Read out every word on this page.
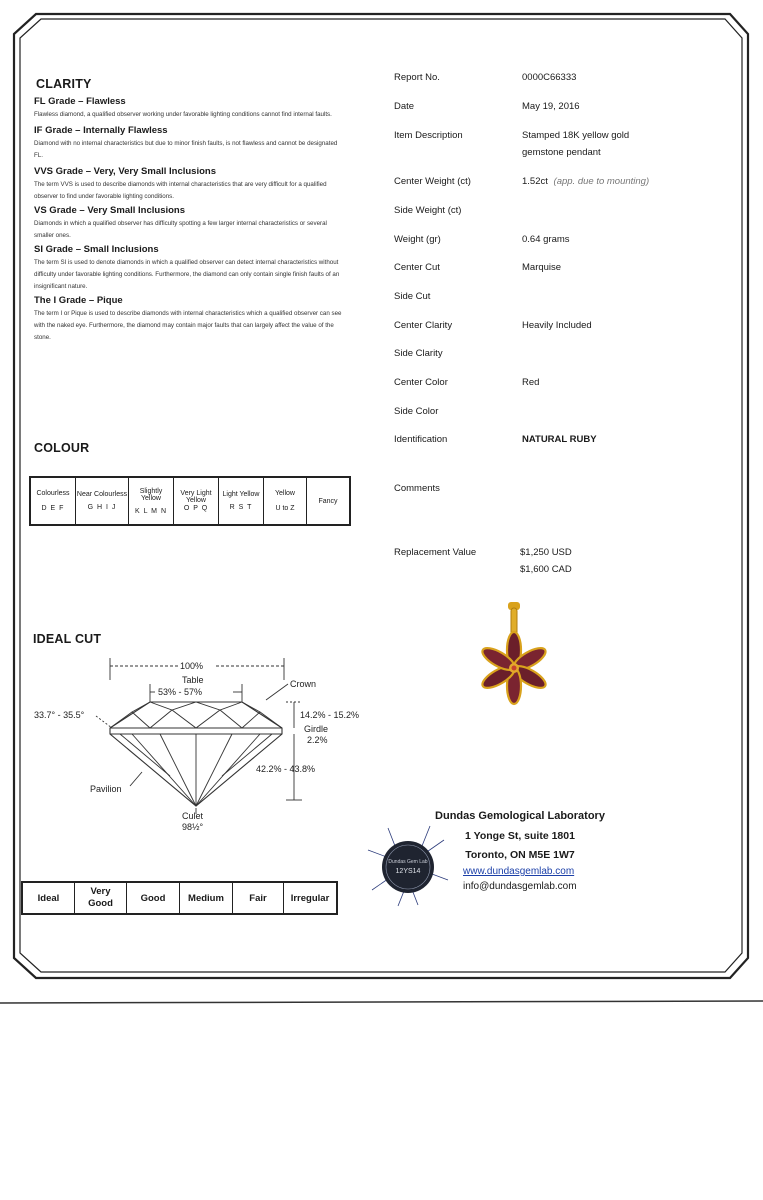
CLARITY
FL Grade – Flawless
Flawless diamond, a qualified observer working under favorable lighting conditions cannot find internal faults.
IF Grade – Internally Flawless
Diamond with no internal characteristics but due to minor finish faults, is not flawless and cannot be designated FL.
VVS Grade – Very, Very Small Inclusions
The term VVS is used to describe diamonds with internal characteristics that are very difficult for a qualified observer to find under favorable lighting conditions.
VS Grade – Very Small Inclusions
Diamonds in which a qualified observer has difficulty spotting a few larger internal characteristics or several smaller ones.
SI Grade – Small Inclusions
The term SI is used to denote diamonds in which a qualified observer can detect internal characteristics without difficulty under favorable lighting conditions. Furthermore, the diamond can only contain single finish faults of an insignificant nature.
The I Grade – Pique
The term I or Pique is used to describe diamonds with internal characteristics which a qualified observer can see with the naked eye. Furthermore, the diamond may contain major faults that can largely affect the value of the stone.
COLOUR
Colourless
D E F

Near Colourless
G H I J

Slightly Yellow
K L M N

Very Light Yellow
O P Q

Light Yellow
R S T

Yellow
U to Z

Fancy
IDEAL CUT
100%
Table
53% - 57%
Crown
33.7° - 35.5°	14.2% - 15.2%
Girdle
2.2%
42.2% - 43.8%
Pavilion
Culet
98½°
Ideal	Very Good	Good	Medium	Fair	Irregular
Report No.	0000C66333
Date	May 19, 2016
Item Description	Stamped 18K yellow gold
gemstone pendant
Center Weight (ct)	1.52ct (app. due to mounting)
Side Weight (ct)
Weight (gr)	0.64 grams
Center Cut	Marquise
Side Cut
Center Clarity	Heavily Included
Side Clarity
Center Color	Red
Side Color
Identification	NATURAL RUBY
Comments
Replacement Value	$1,250 USD
$1,600 CAD
Dundas Gem Lab
12YS14
Dundas Gemological Laboratory
1 Yonge St, suite 1801
Toronto, ON M5E 1W7
www.dundasgemlab.com
info@dundasgemlab.com
